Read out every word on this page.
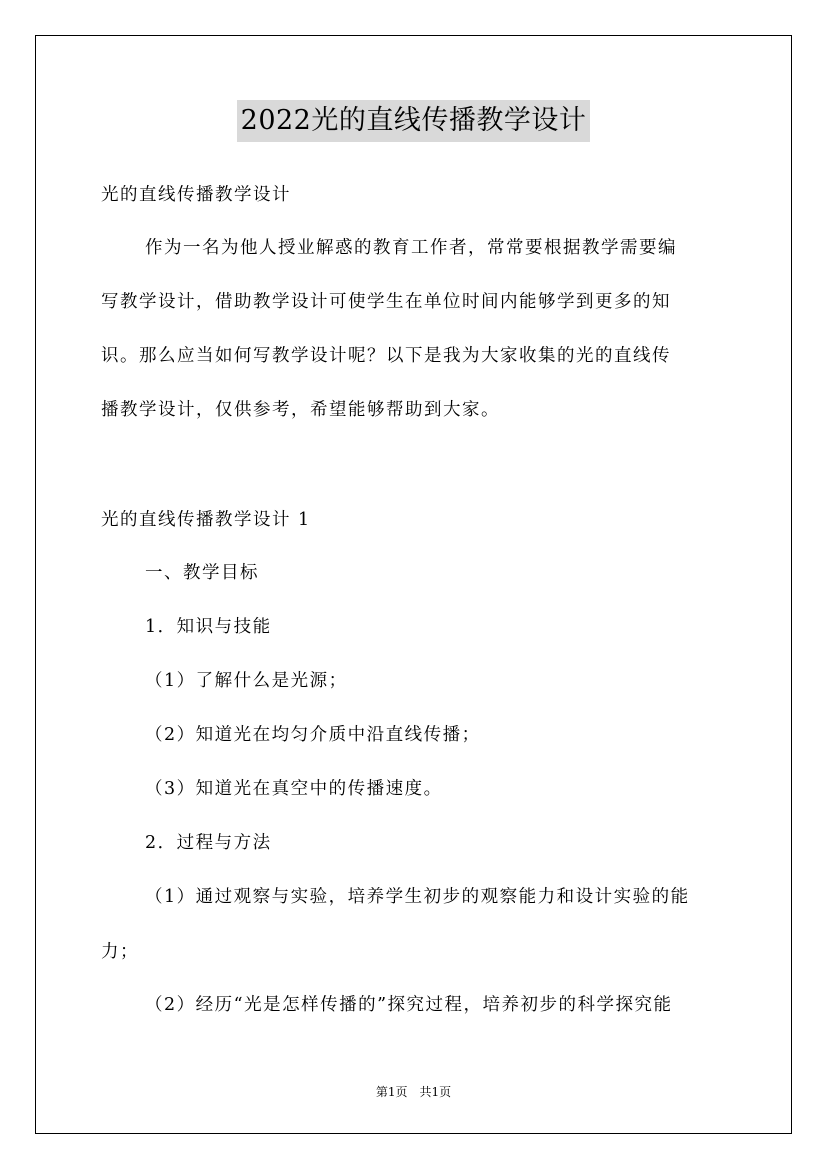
2022光的直线传播教学设计
光的直线传播教学设计
作为一名为他人授业解惑的教育工作者，常常要根据教学需要编
写教学设计，借助教学设计可使学生在单位时间内能够学到更多的知
识。那么应当如何写教学设计呢？以下是我为大家收集的光的直线传
播教学设计，仅供参考，希望能够帮助到大家。
光的直线传播教学设计 1
一、教学目标
1．知识与技能
（1）了解什么是光源；
（2）知道光在均匀介质中沿直线传播；
（3）知道光在真空中的传播速度。
2．过程与方法
（1）通过观察与实验，培养学生初步的观察能力和设计实验的能
力；
（2）经历“光是怎样传播的”探究过程，培养初步的科学探究能
第1页　共1页
